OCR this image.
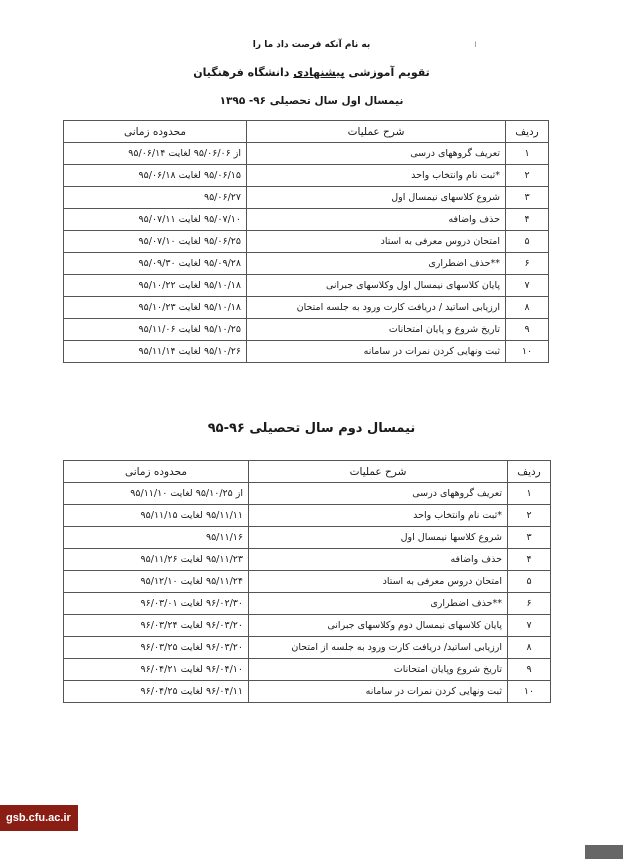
ı
به نام آنکه فرصت داد ما را
تقویم آموزشی پیشنهادی دانشگاه فرهنگیان
نیمسال اول سال تحصیلی ۹۶- ۱۳۹۵
ردیف	شرح عملیات	محدوده زمانی
۱	تعریف گروههای درسی	از ۹۵/۰۶/۰۶ لغایت ۹۵/۰۶/۱۴
۲	*ثبت نام وانتخاب واحد	۹۵/۰۶/۱۵ لغایت ۹۵/۰۶/۱۸
۳	شروع کلاسهای نیمسال اول	۹۵/۰۶/۲۷
۴	حذف واضافه	۹۵/۰۷/۱۰ لغایت ۹۵/۰۷/۱۱
۵	امتحان دروس معرفی به استاد	۹۵/۰۶/۲۵ لغایت ۹۵/۰۷/۱۰
۶	**حذف اضطراری	۹۵/۰۹/۲۸ لغایت ۹۵/۰۹/۳۰
۷	پایان کلاسهای نیمسال اول وکلاسهای جبرانی	۹۵/۱۰/۱۸ لغایت ۹۵/۱۰/۲۲
۸	ارزیابی اساتید / دریافت کارت ورود به جلسه امتحان	۹۵/۱۰/۱۸ لغایت ۹۵/۱۰/۲۳
۹	تاریخ شروع و پایان امتحانات	۹۵/۱۰/۲۵ لغایت ۹۵/۱۱/۰۶
۱۰	ثبت ونهایی کردن نمرات در سامانه	۹۵/۱۰/۲۶ لغایت ۹۵/۱۱/۱۴
نیمسال دوم سال تحصیلی ۹۶-۹۵
ردیف	شرح عملیات	محدوده زمانی
۱	تعریف گروههای درسی	از ۹۵/۱۰/۲۵ لغایت ۹۵/۱۱/۱۰
۲	*ثبت نام وانتخاب واحد	۹۵/۱۱/۱۱ لغایت ۹۵/۱۱/۱۵
۳	شروع کلاسها نیمسال اول	۹۵/۱۱/۱۶
۴	حذف واضافه	۹۵/۱۱/۲۳ لغایت ۹۵/۱۱/۲۶
۵	امتحان دروس معرفی به استاد	۹۵/۱۱/۲۴ لغایت ۹۵/۱۲/۱۰
۶	**حذف اضطراری	۹۶/۰۲/۳۰ لغایت ۹۶/۰۳/۰۱
۷	پایان کلاسهای نیمسال دوم وکلاسهای جبرانی	۹۶/۰۳/۲۰ لغایت ۹۶/۰۳/۲۴
۸	ارزیابی اساتید/ دریافت کارت ورود به جلسه از امتحان	۹۶/۰۳/۲۰ لغایت ۹۶/۰۳/۲۵
۹	تاریخ شروع وپایان امتحانات	۹۶/۰۴/۱۰ لغایت ۹۶/۰۴/۲۱
۱۰	ثبت ونهایی کردن نمرات در سامانه	۹۶/۰۴/۱۱ لغایت ۹۶/۰۴/۲۵
gsb.cfu.ac.ir
